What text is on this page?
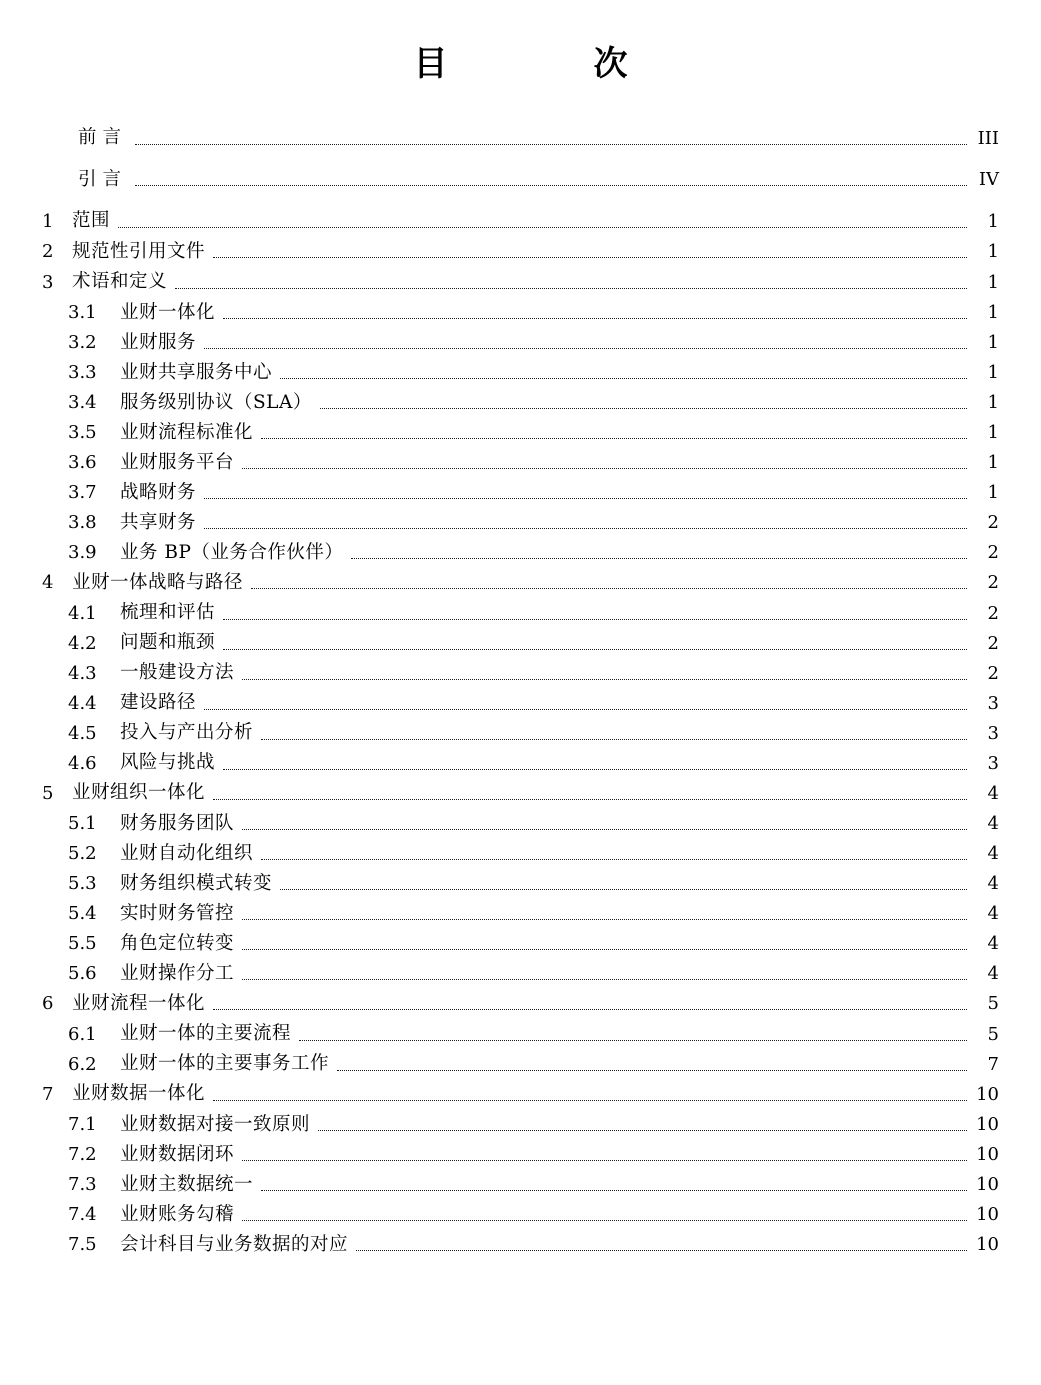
目　　次
前言	III
引言	IV
1	范围	1
2	规范性引用文件	1
3	术语和定义	1
3.1	业财一体化	1
3.2	业财服务	1
3.3	业财共享服务中心	1
3.4	服务级别协议（SLA）	1
3.5	业财流程标准化	1
3.6	业财服务平台	1
3.7	战略财务	1
3.8	共享财务	2
3.9	业务 BP（业务合作伙伴）	2
4	业财一体战略与路径	2
4.1	梳理和评估	2
4.2	问题和瓶颈	2
4.3	一般建设方法	2
4.4	建设路径	3
4.5	投入与产出分析	3
4.6	风险与挑战	3
5	业财组织一体化	4
5.1	财务服务团队	4
5.2	业财自动化组织	4
5.3	财务组织模式转变	4
5.4	实时财务管控	4
5.5	角色定位转变	4
5.6	业财操作分工	4
6	业财流程一体化	5
6.1	业财一体的主要流程	5
6.2	业财一体的主要事务工作	7
7	业财数据一体化	10
7.1	业财数据对接一致原则	10
7.2	业财数据闭环	10
7.3	业财主数据统一	10
7.4	业财账务勾稽	10
7.5	会计科目与业务数据的对应	10
